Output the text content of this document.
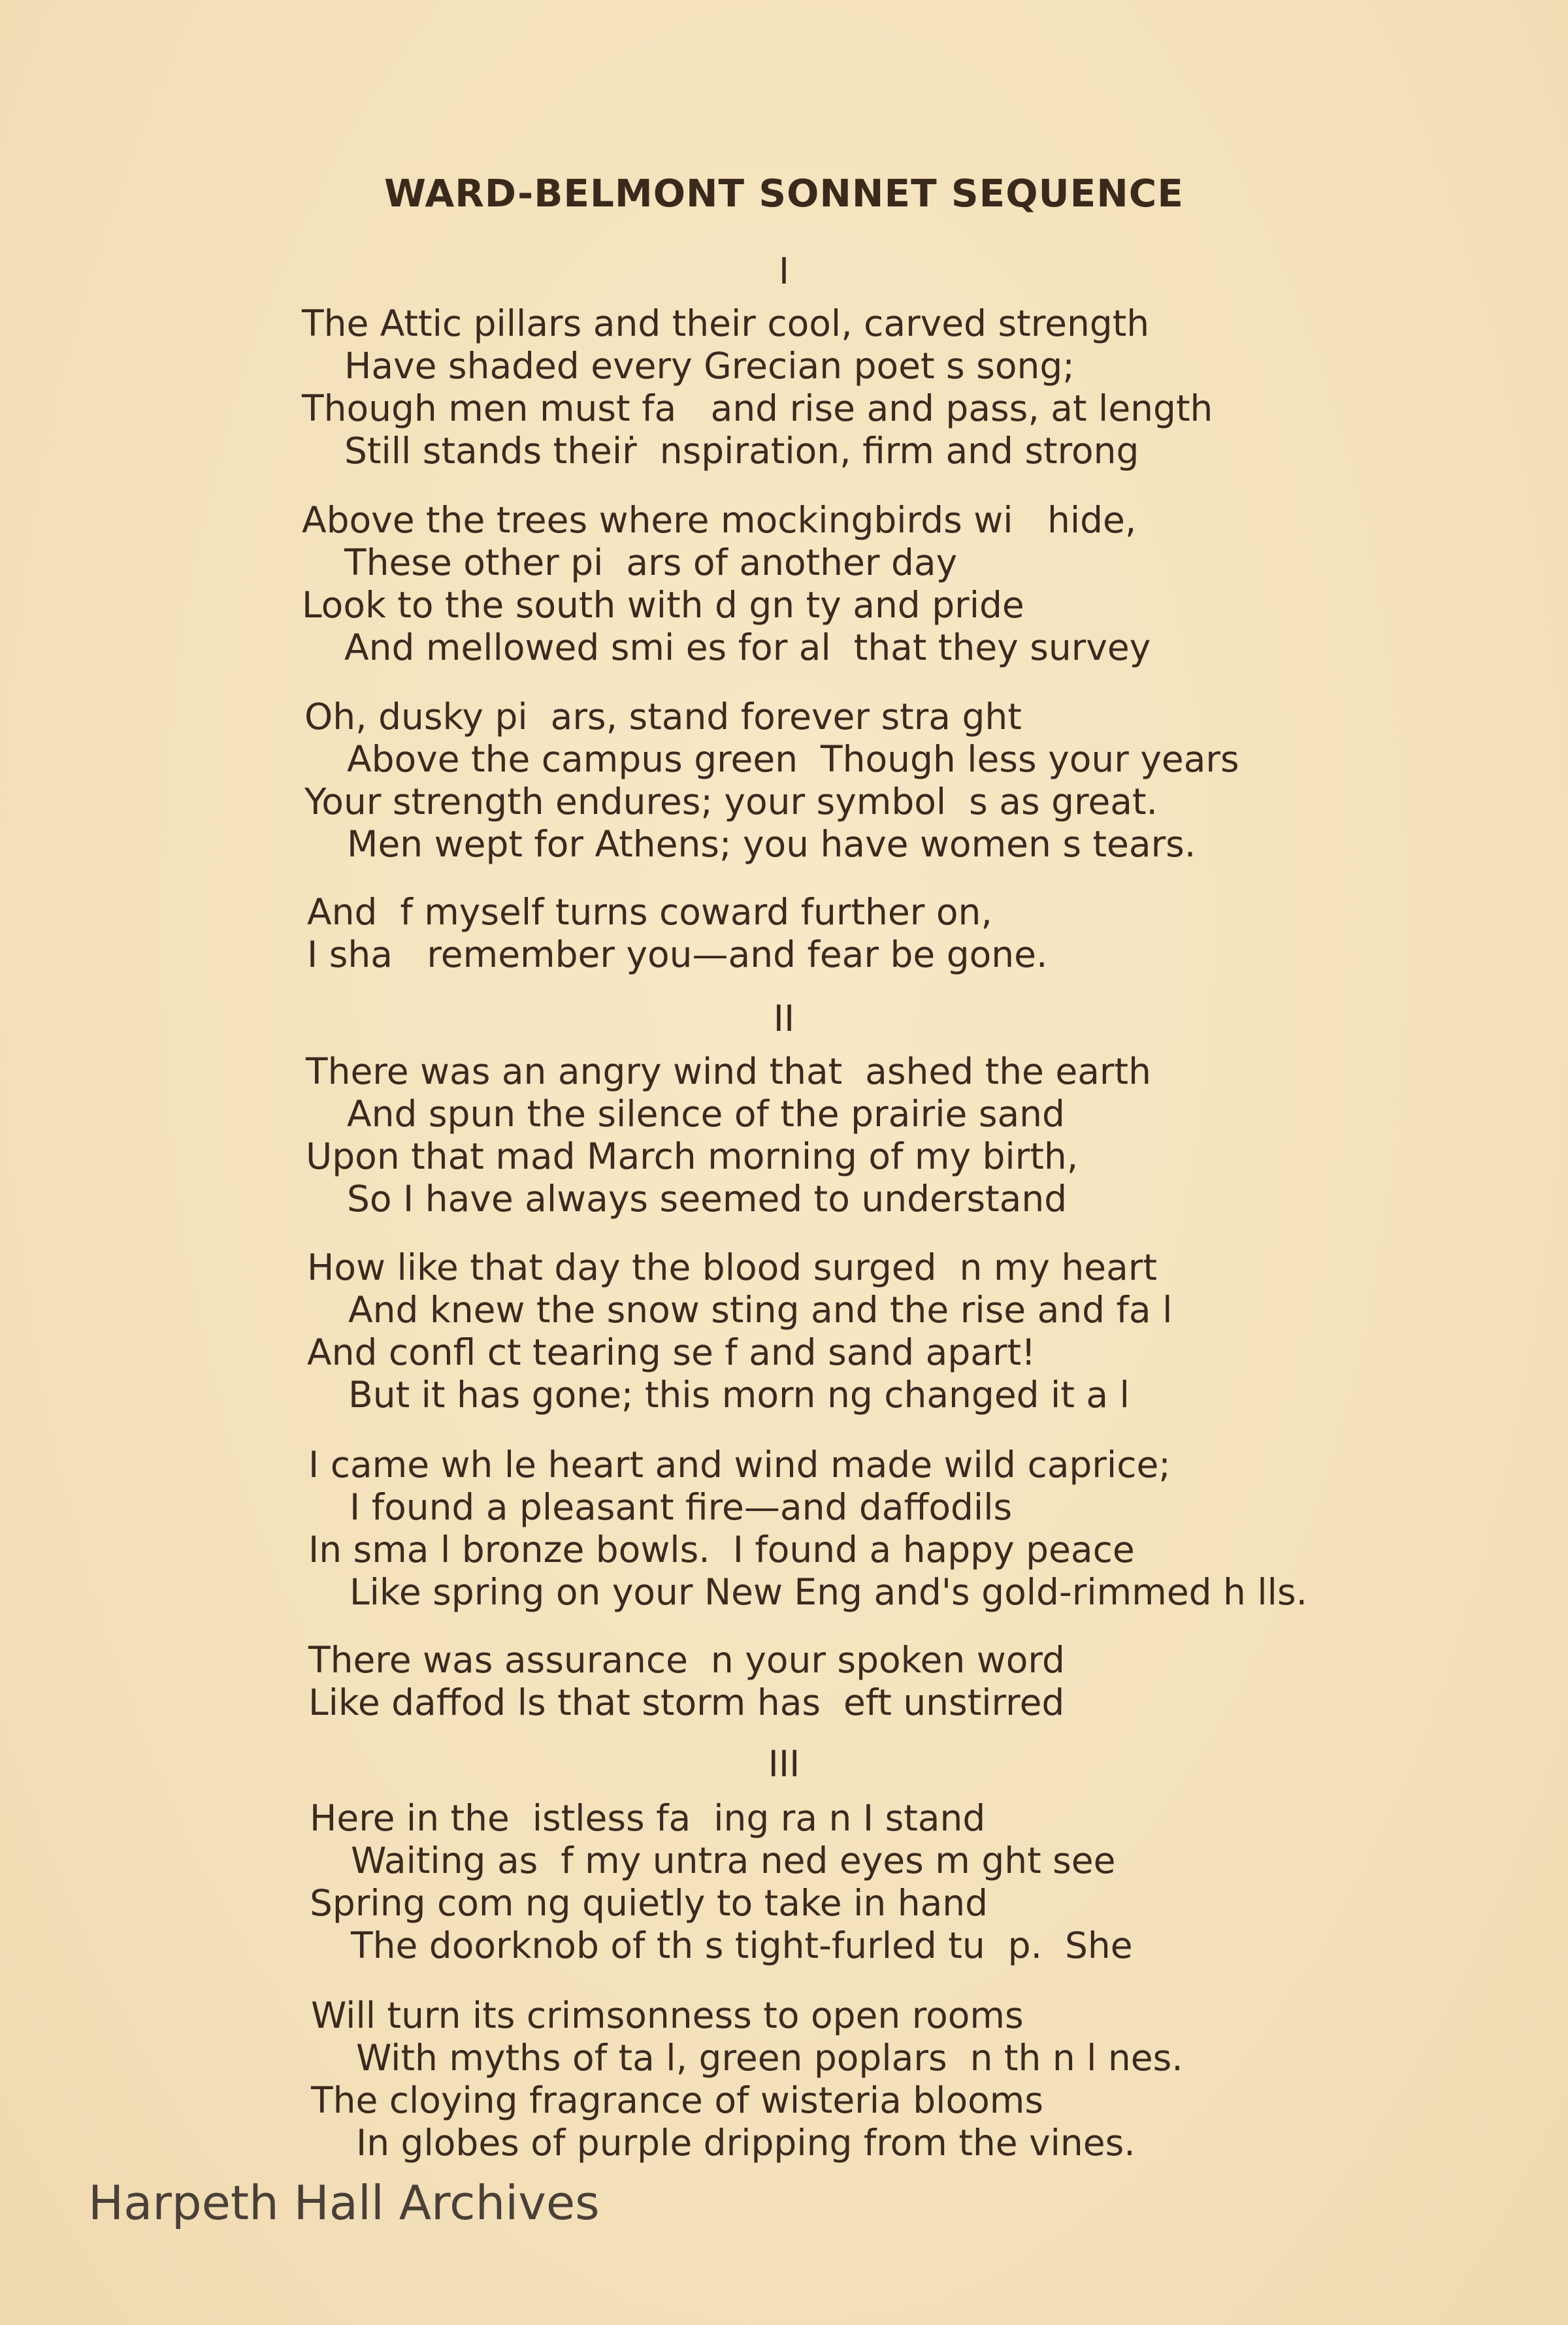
WARD-BELMONT SONNET SEQUENCE
I
The Attic pillars and their cool, carved strength
Have shaded every Grecian poet s song;
Though men must fa   and rise and pass, at length
Still stands theiṙ  nspiration, firm and strong
Above the trees where mockingbirds wi   hide,
These other pi  ars of another day
Look to the south with d gn ty and pride
And mellowed smi es for al  that they survey
Oh, dusky pi  ars, stand forever stra ght
Above the campus green  Though less your years
Your strength endures; your symbol  s as great.
Men wept for Athens; you have women s tears.
And  f myself turns coward further on,
I sha   remember you—and fear be gone.
II
There was an angry wind that  ashed the earth
And spun the silence of the prairie sand
Upon that mad March morning of my birth,
So I have always seemed to understand
How like that day the blood surged  n my heart
And knew the snow sting and the rise and fa l
And confl ct tearing se f and sand apart!
But it has gone; this morn ng changed it a l
I came wh le heart and wind made wild caprice;
I found a pleasant fire—and daffodils
In sma l bronze bowls.  I found a happy peace
Like spring on your New Eng and's gold-rimmed h lls.
There was assurance  n your spoken word
Like daffod ls that storm has  eft unstirred
III
Here in the  istless fa  ing ra n I stand
Waiting as  f my untra ned eyes m ght see
Spring com ng quietly to take in hand
The doorknob of th s tight-furled tu  p.  She
Will turn its crimsonness to open rooms
With myths of ta l, green poplars  n th n l nes.
The cloying fragrance of wisteria blooms
In globes of purple dripping from the vines.
Harpeth Hall Archives
